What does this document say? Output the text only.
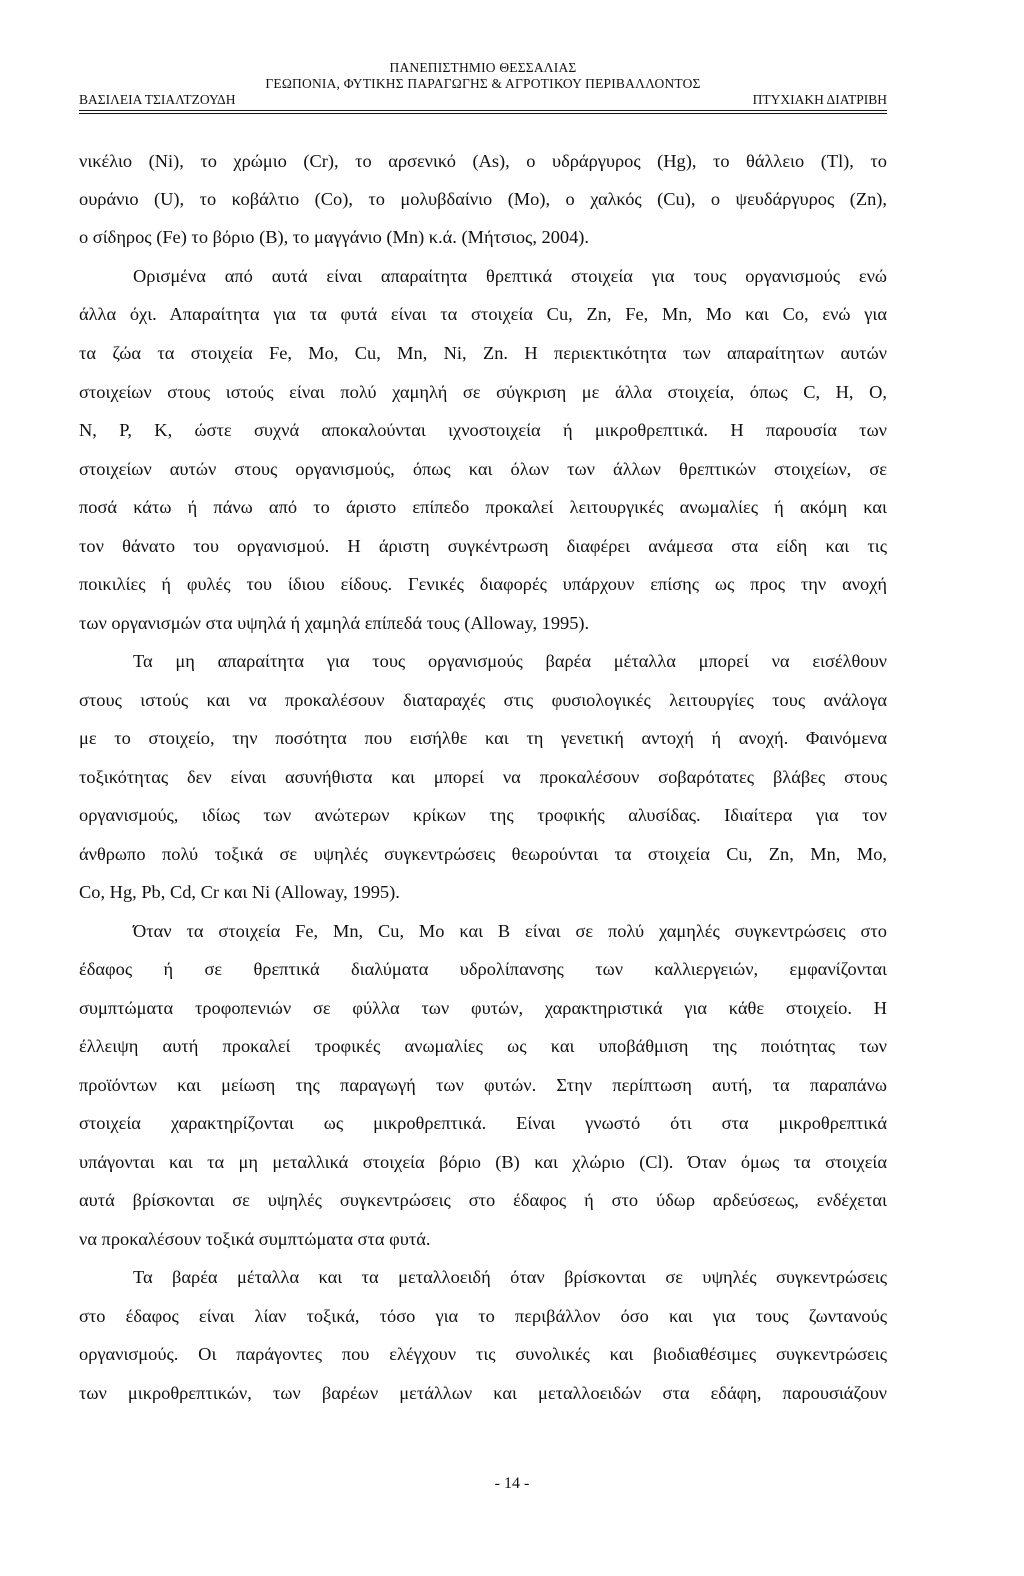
ΠΑΝΕΠΙΣΤΗΜΙΟ ΘΕΣΣΑΛΙΑΣ
ΓΕΩΠΟΝΙΑ, ΦΥΤΙΚΗΣ ΠΑΡΑΓΩΓΗΣ & ΑΓΡΟΤΙΚΟΥ ΠΕΡΙΒΑΛΛΟΝΤΟΣ
ΒΑΣΙΛΕΙΑ ΤΣΙΑΛΤΖΟΥΔΗ	ΠΤΥΧΙΑΚΗ ΔΙΑΤΡΙΒΗ
νικέλιο (Ni), το χρώμιο (Cr), το αρσενικό (As), ο υδράργυρος (Hg), το θάλλειο (Tl), το
ουράνιο (U), το κοβάλτιο (Co), το μολυβδαίνιο (Mo), ο χαλκός (Cu), ο ψευδάργυρος (Zn),
ο σίδηρος (Fe) το βόριο (B), το μαγγάνιο (Mn) κ.ά. (Μήτσιος, 2004).
Ορισμένα από αυτά είναι απαραίτητα θρεπτικά στοιχεία για τους οργανισμούς ενώ
άλλα όχι. Απαραίτητα για τα φυτά είναι τα στοιχεία Cu, Zn, Fe, Mn, Mo και Co, ενώ για
τα ζώα τα στοιχεία Fe, Mo, Cu, Mn, Ni, Zn. Η περιεκτικότητα των απαραίτητων αυτών
στοιχείων στους ιστούς είναι πολύ χαμηλή σε σύγκριση με άλλα στοιχεία, όπως C, H, O,
N, P, K, ώστε συχνά αποκαλούνται ιχνοστοιχεία ή μικροθρεπτικά. Η παρουσία των
στοιχείων αυτών στους οργανισμούς, όπως και όλων των άλλων θρεπτικών στοιχείων, σε
ποσά κάτω ή πάνω από το άριστο επίπεδο προκαλεί λειτουργικές ανωμαλίες ή ακόμη και
τον θάνατο του οργανισμού. Η άριστη συγκέντρωση διαφέρει ανάμεσα στα είδη και τις
ποικιλίες ή φυλές του ίδιου είδους. Γενικές διαφορές υπάρχουν επίσης ως προς την ανοχή
των οργανισμών στα υψηλά ή χαμηλά επίπεδά τους (Alloway, 1995).
Τα μη απαραίτητα για τους οργανισμούς βαρέα μέταλλα μπορεί να εισέλθουν
στους ιστούς και να προκαλέσουν διαταραχές στις φυσιολογικές λειτουργίες τους ανάλογα
με το στοιχείο, την ποσότητα που εισήλθε και τη γενετική αντοχή ή ανοχή. Φαινόμενα
τοξικότητας δεν είναι ασυνήθιστα και μπορεί να προκαλέσουν σοβαρότατες βλάβες στους
οργανισμούς, ιδίως των ανώτερων κρίκων της τροφικής αλυσίδας. Ιδιαίτερα για τον
άνθρωπο πολύ τοξικά σε υψηλές συγκεντρώσεις θεωρούνται τα στοιχεία Cu, Zn, Mn, Mo,
Co, Hg, Pb, Cd, Cr και Ni (Alloway, 1995).
Όταν τα στοιχεία Fe, Mn, Cu, Mo και B είναι σε πολύ χαμηλές συγκεντρώσεις στο
έδαφος ή σε θρεπτικά διαλύματα υδρολίπανσης των καλλιεργειών, εμφανίζονται
συμπτώματα τροφοπενιών σε φύλλα των φυτών, χαρακτηριστικά για κάθε στοιχείο. Η
έλλειψη αυτή προκαλεί τροφικές ανωμαλίες ως και υποβάθμιση της ποιότητας των
προϊόντων και μείωση της παραγωγή των φυτών. Στην περίπτωση αυτή, τα παραπάνω
στοιχεία χαρακτηρίζονται ως μικροθρεπτικά. Είναι γνωστό ότι στα μικροθρεπτικά
υπάγονται και τα μη μεταλλικά στοιχεία βόριο (B) και χλώριο (Cl). Όταν όμως τα στοιχεία
αυτά βρίσκονται σε υψηλές συγκεντρώσεις στο έδαφος ή στο ύδωρ αρδεύσεως, ενδέχεται
να προκαλέσουν τοξικά συμπτώματα στα φυτά.
Τα βαρέα μέταλλα και τα μεταλλοειδή όταν βρίσκονται σε υψηλές συγκεντρώσεις
στο έδαφος είναι λίαν τοξικά, τόσο για το περιβάλλον όσο και για τους ζωντανούς
οργανισμούς. Οι παράγοντες που ελέγχουν τις συνολικές και βιοδιαθέσιμες συγκεντρώσεις
των μικροθρεπτικών, των βαρέων μετάλλων και μεταλλοειδών στα εδάφη, παρουσιάζουν
- 14 -
